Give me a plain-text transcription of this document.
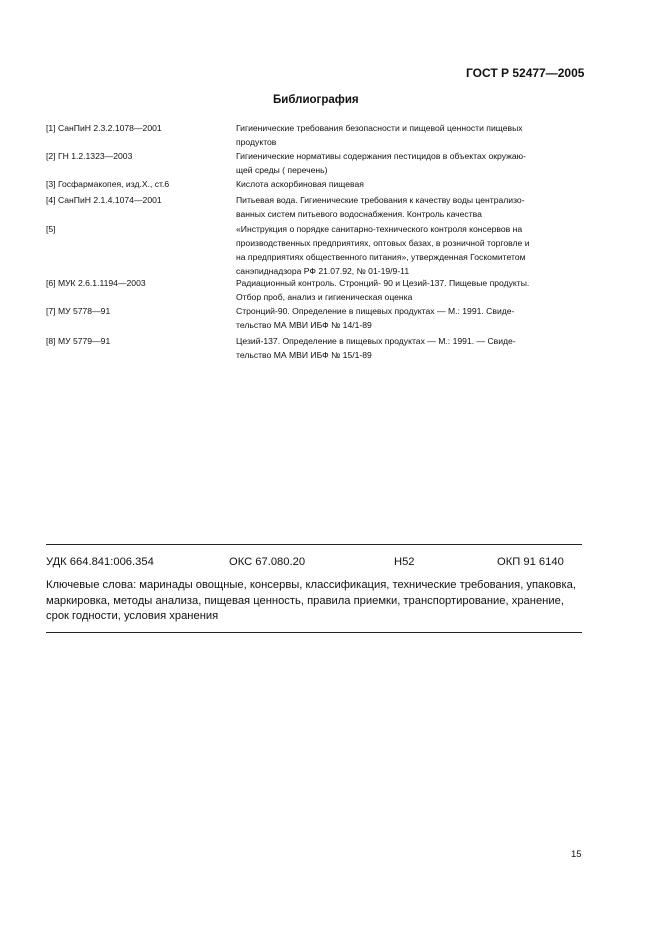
ГОСТ Р 52477—2005
Библиография
[1] СанПиН 2.3.2.1078—2001	Гигиенические требования безопасности и пищевой ценности пищевых
продуктов
[2] ГН 1.2.1323—2003	Гигиенические нормативы содержания пестицидов в объектах окружаю-
щей среды ( перечень)
[3] Госфармакопея, изд.Х., ст.6	Кислота аскорбиновая пищевая
[4] СанПиН 2.1.4.1074—2001	Питьевая вода. Гигиенические требования к качеству воды централизо-
ванных систем питьевого водоснабжения. Контроль качества
[5]	«Инструкция о порядке санитарно-технического контроля консервов на
производственных предприятиях, оптовых базах, в розничной торговле и
на предприятиях общественного питания», утвержденная Госкомитетом
санэпиднадзора РФ 21.07.92, № 01-19/9-11
[6] МУК 2.6.1.1194—2003	Радиационный контроль. Стронций- 90 и Цезий-137. Пищевые продукты.
Отбор проб, анализ и гигиеническая оценка
[7] МУ 5778—91	Стронций-90. Определение в пищевых продуктах — М.: 1991. Свиде-
тельство МА МВИ ИБФ № 14/1-89
[8] МУ 5779—91	Цезий-137. Определение в пищевых продуктах — М.: 1991. — Свиде-
тельство МА МВИ ИБФ № 15/1-89
УДК 664.841:006.354	ОКС 67.080.20	Н52	ОКП 91 6140
Ключевые слова: маринады овощные, консервы, классификация, технические требования, упаковка,
маркировка, методы анализа, пищевая ценность, правила приемки, транспортирование, хранение,
срок годности, условия хранения
15
